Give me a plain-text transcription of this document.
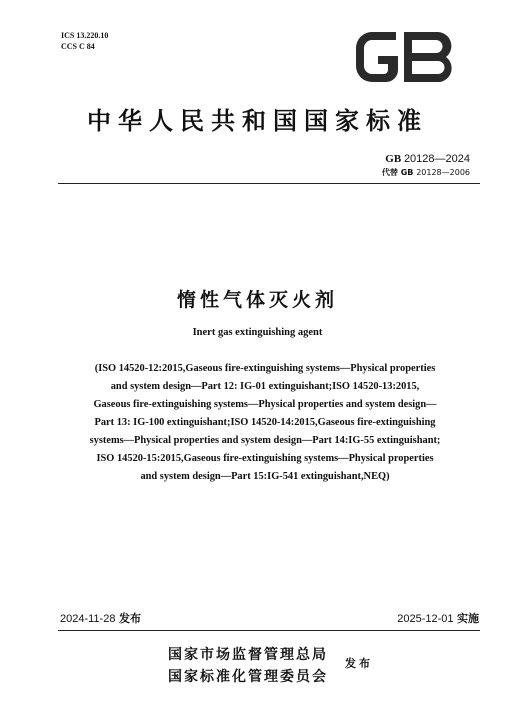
ICS 13.220.10
CCS C 84
中华人民共和国国家标准
GB 20128—2024
代替 GB 20128—2006
惰性气体灭火剂
Inert gas extinguishing agent
(ISO 14520-12:2015,Gaseous fire-extinguishing systems—Physical properties
and system design—Part 12: IG-01 extinguishant;ISO 14520-13:2015,
Gaseous fire-extinguishing systems—Physical properties and system design—
Part 13: IG-100 extinguishant;ISO 14520-14:2015,Gaseous fire-extinguishing
systems—Physical properties and system design—Part 14:IG-55 extinguishant;
ISO 14520-15:2015,Gaseous fire-extinguishing systems—Physical properties
and system design—Part 15:IG-541 extinguishant,NEQ)
2024-11-28 发布	2025-12-01 实施
国家市场监督管理总局
国家标准化管理委员会
发布
